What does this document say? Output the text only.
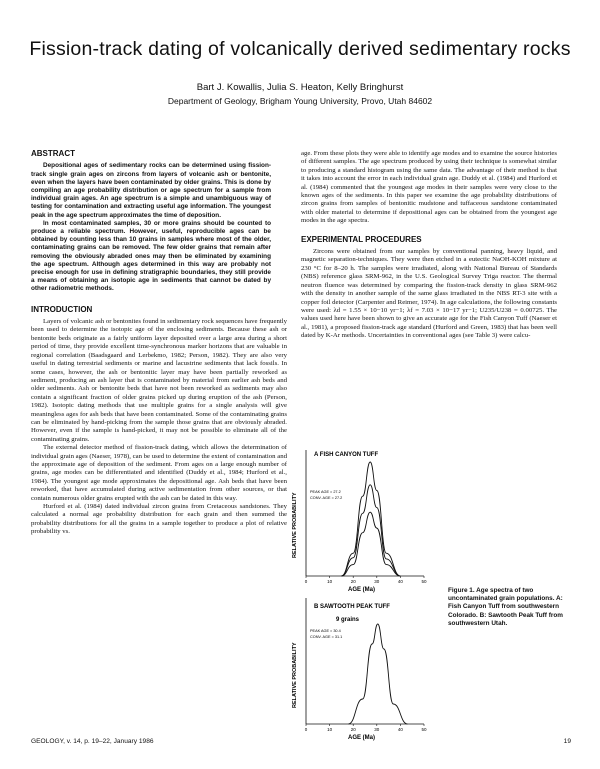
Fission-track dating of volcanically derived sedimentary rocks
Bart J. Kowallis, Julia S. Heaton, Kelly Bringhurst
Department of Geology, Brigham Young University, Provo, Utah 84602
ABSTRACT

Depositional ages of sedimentary rocks can be determined using fission-track single grain ages on zircons from layers of volcanic ash or bentonite, even when the layers have been contaminated by older grains. This is done by compiling an age probability distribution or age spectrum for a sample from individual grain ages. An age spectrum is a simple and unambiguous way of testing for contamination and extracting useful age information. The youngest peak in the age spectrum approximates the time of deposition.

In most contaminated samples, 30 or more grains should be counted to produce a reliable spectrum. However, useful, reproducible ages can be obtained by counting less than 10 grains in samples where most of the older, contaminating grains can be removed. The few older grains that remain after removing the obviously abraded ones may then be eliminated by examining the age spectrum. Although ages determined in this way are probably not precise enough for use in defining stratigraphic boundaries, they still provide a means of obtaining an isotopic age in sediments that cannot be dated by other radiometric methods.

INTRODUCTION

Layers of volcanic ash or bentonites found in sedimentary rock sequences have frequently been used to determine the isotopic age of the enclosing sediments. Because these ash or bentonite beds originate as a fairly uniform layer deposited over a large area during a short period of time, they provide excellent time-synchronous marker horizons that are valuable in regional correlation (Baadsgaard and Lerbekmo, 1982; Person, 1982). They are also very useful in dating terrestrial sediments or marine and lacustrine sediments that lack fossils. In some cases, however, the ash or bentonitic layer may have been partially reworked as sediment, producing an ash layer that is contaminated by material from earlier ash beds and older sediments. Ash or bentonite beds that have not been reworked as sediments may also contain a significant fraction of older grains picked up during eruption of the ash (Person, 1982). Isotopic dating methods that use multiple grains for a single analysis will give meaningless ages for ash beds that have been contaminated. Some of the contaminating grains can be eliminated by hand-picking from the sample those grains that are obviously abraded. However, even if the sample is hand-picked, it may not be possible to eliminate all of the contaminating grains.

The external detector method of fission-track dating, which allows the determination of individual grain ages (Naeser, 1978), can be used to determine the extent of contamination and the approximate age of deposition of the sediment. From ages on a large enough number of grains, age modes can be differentiated and identified (Duddy et al., 1984; Hurford et al., 1984). The youngest age mode approximates the depositional age. Ash beds that have been reworked, that have accumulated during active sedimentation from other sources, or that contain numerous older grains erupted with the ash can be dated in this way.

Hurford et al. (1984) dated individual zircon grains from Cretaceous sandstones. They calculated a normal age probability distribution for each grain and then summed the probability distributions for all the grains in a sample together to produce a plot of relative probability vs.

age. From these plots they were able to identify age modes and to examine the source histories of different samples. The age spectrum produced by using their technique is somewhat similar to producing a standard histogram using the same data. The advantage of their method is that it takes into account the error in each individual grain age. Duddy et al. (1984) and Hurford et al. (1984) commented that the youngest age modes in their samples were very close to the known ages of the sediments. In this paper we examine the age probability distributions of zircon grains from samples of bentonitic mudstone and tuffaceous sandstone contaminated with older material to determine if depositional ages can be obtained from the youngest age modes in the age spectra.

EXPERIMENTAL PROCEDURES

Zircons were obtained from our samples by conventional panning, heavy liquid, and magnetic separation-techniques. They were then etched in a eutectic NaOH-KOH mixture at 230 °C for 8–20 h. The samples were irradiated, along with National Bureau of Standards (NBS) reference glass SRM-962, in the U.S. Geological Survey Triga reactor. The thermal neutron fluence was determined by comparing the fission-track density in glass SRM-962 with the density in another sample of the same glass irradiated in the NBS RT-3 site with a copper foil detector (Carpenter and Reimer, 1974). In age calculations, the following constants were used: λd = 1.55 × 10−10 yr−1; λf = 7.03 × 10−17 yr−1; U235/U238 = 0.00725. The values used here have been shown to give an accurate age for the Fish Canyon Tuff (Naeser et al., 1981), a proposed fission-track age standard (Hurford and Green, 1983) that has been well dated by K-Ar methods. Uncertainties in conventional ages (see Table 3) were calcu-

A FISH CANYON TUFF
PEAK AGE = 27.2
CONV. AGE = 27.2
RELATIVE PROBABILITY
0	10	20	30	40	50
AGE (Ma)
B SAWTOOTH PEAK TUFF
9 grains
PEAK AGE = 30.4
CONV. AGE = 31.1
RELATIVE PROBABILITY
0	10	20	30	40	50
AGE (Ma)
Figure 1. Age spectra of two uncontaminated grain populations. A: Fish Canyon Tuff from southwestern Colorado. B: Sawtooth Peak Tuff from southwestern Utah.
GEOLOGY, v. 14, p. 19–22, January 1986	19
